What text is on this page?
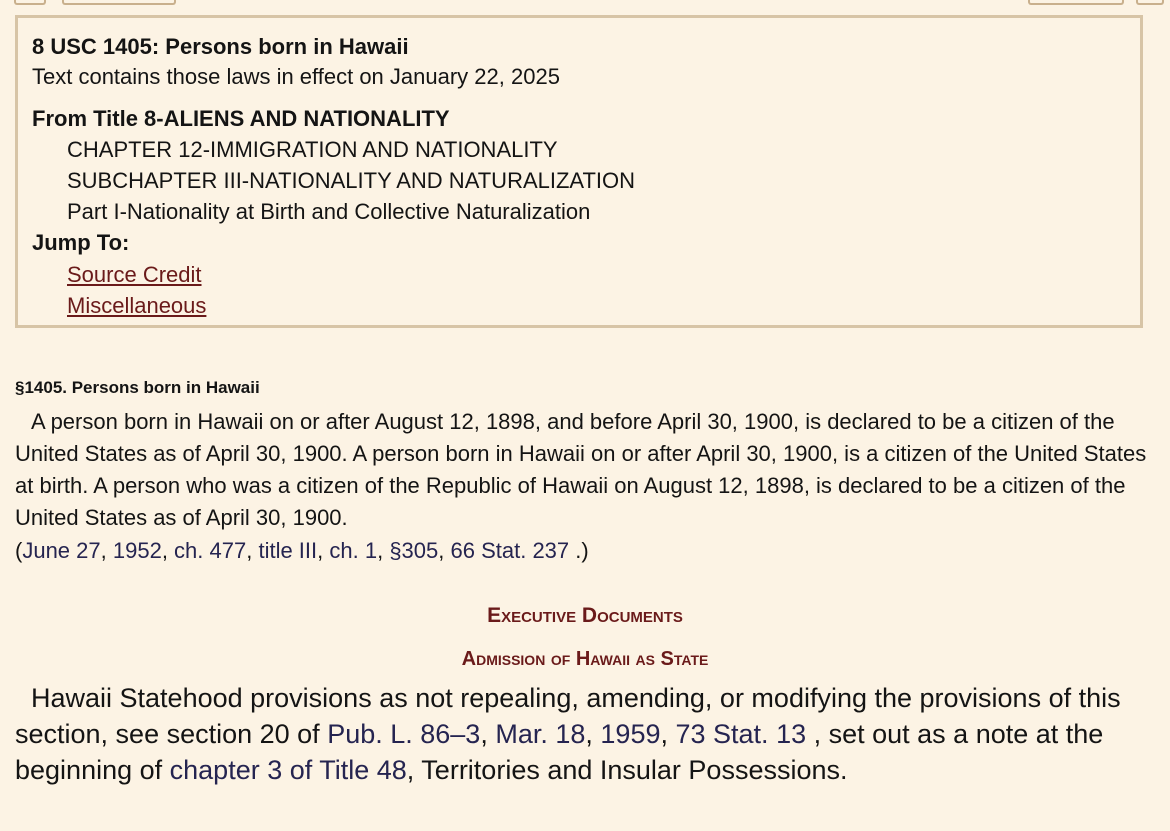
8 USC 1405: Persons born in Hawaii
Text contains those laws in effect on January 22, 2025
From Title 8-ALIENS AND NATIONALITY
CHAPTER 12-IMMIGRATION AND NATIONALITY
SUBCHAPTER III-NATIONALITY AND NATURALIZATION
Part I-Nationality at Birth and Collective Naturalization
Jump To:
Source Credit
Miscellaneous
§1405. Persons born in Hawaii
A person born in Hawaii on or after August 12, 1898, and before April 30, 1900, is declared to be a citizen of the United States as of April 30, 1900. A person born in Hawaii on or after April 30, 1900, is a citizen of the United States at birth. A person who was a citizen of the Republic of Hawaii on August 12, 1898, is declared to be a citizen of the United States as of April 30, 1900.
(June 27, 1952, ch. 477, title III, ch. 1, §305, 66 Stat. 237 .)
Executive Documents
Admission of Hawaii as State
Hawaii Statehood provisions as not repealing, amending, or modifying the provisions of this section, see section 20 of Pub. L. 86–3, Mar. 18, 1959, 73 Stat. 13 , set out as a note at the beginning of chapter 3 of Title 48, Territories and Insular Possessions.
